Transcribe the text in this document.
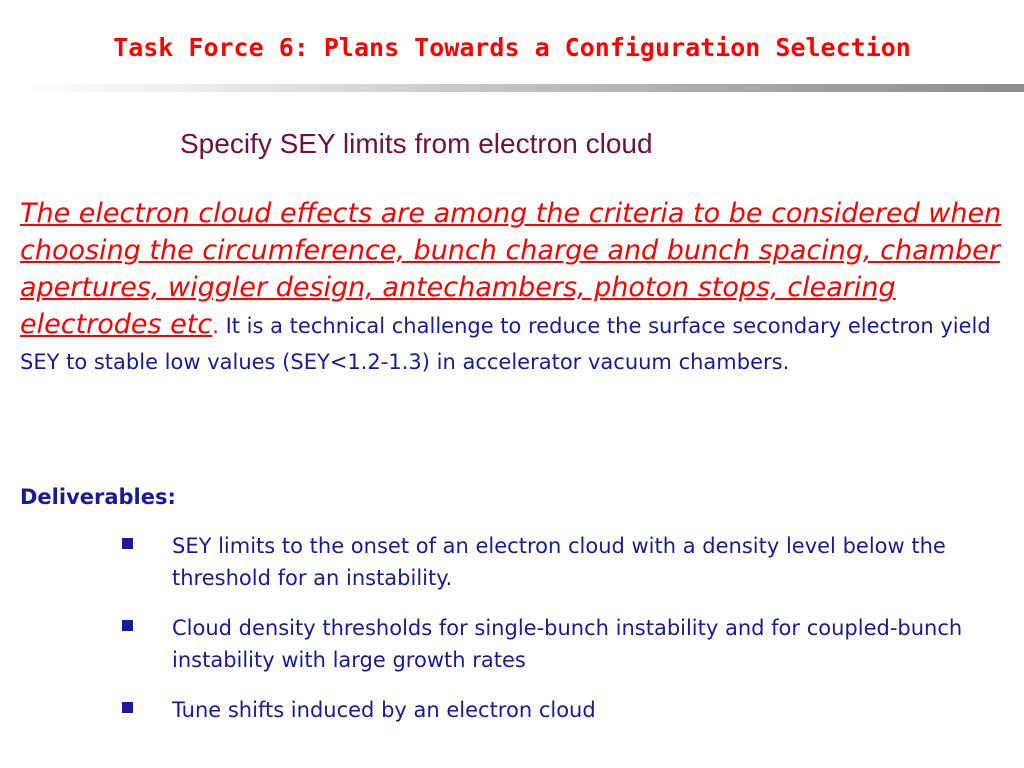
Task Force 6: Plans Towards a Configuration Selection
Specify SEY limits from electron cloud

The electron cloud effects are among the criteria to be considered when choosing the circumference, bunch charge and bunch spacing, chamber apertures, wiggler design, antechambers, photon stops, clearing electrodes etc. It is a technical challenge to reduce the surface secondary electron yield SEY to stable low values (SEY<1.2-1.3) in accelerator vacuum chambers.

Deliverables:
SEY limits to the onset of an electron cloud with a density level below the threshold for an instability.
Cloud density thresholds for single-bunch instability and for coupled-bunch instability with large growth rates
Tune shifts induced by an electron cloud
